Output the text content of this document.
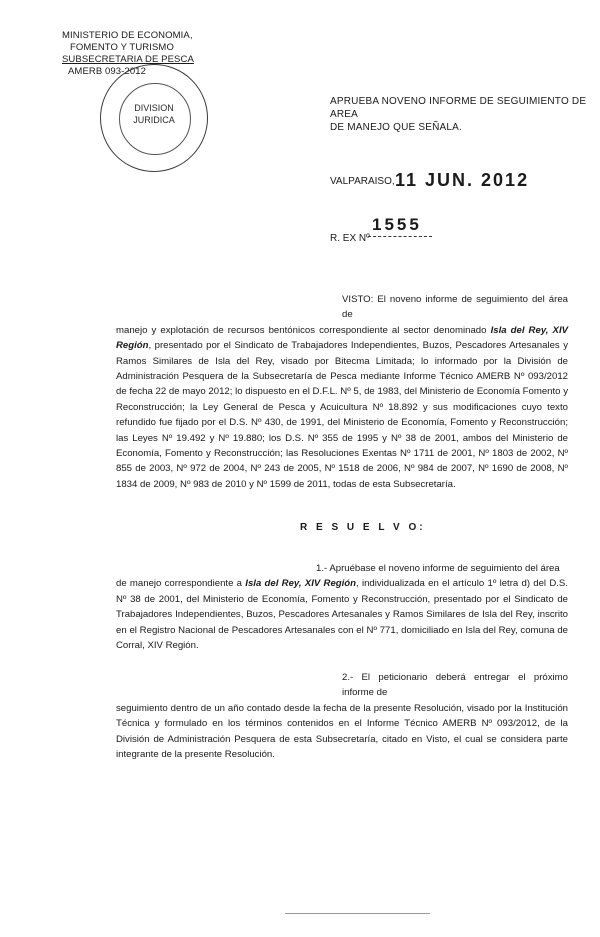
MINISTERIO DE ECONOMIA,
FOMENTO Y TURISMO
SUBSECRETARIA DE PESCA
AMERB 093-2012
DIVISION
JURIDICA
APRUEBA NOVENO INFORME DE SEGUIMIENTO DE AREA
DE MANEJO QUE SEÑALA.
VALPARAISO, 11 JUN. 2012
R. EX Nº
1555
VISTO: El noveno informe de seguimiento del área de
manejo y explotación de recursos bentónicos correspondiente al sector denominado Isla del Rey, XIV Región, presentado por el Sindicato de Trabajadores Independientes, Buzos, Pescadores Artesanales y Ramos Similares de Isla del Rey, visado por Bitecma Limitada; lo informado por la División de Administración Pesquera de la Subsecretaría de Pesca mediante Informe Técnico AMERB Nº 093/2012 de fecha 22 de mayo 2012; lo dispuesto en el D.F.L. Nº 5, de 1983, del Ministerio de Economía Fomento y Reconstrucción; la Ley General de Pesca y Acuicultura Nº 18.892 y sus modificaciones cuyo texto refundido fue fijado por el D.S. Nº 430, de 1991, del Ministerio de Economía, Fomento y Reconstrucción; las Leyes Nº 19.492 y Nº 19.880; los D.S. Nº 355 de 1995 y Nº 38 de 2001, ambos del Ministerio de Economía, Fomento y Reconstrucción; las Resoluciones Exentas Nº 1711 de 2001, Nº 1803 de 2002, Nº 855 de 2003, Nº 972 de 2004, Nº 243 de 2005, Nº 1518 de 2006, Nº 984 de 2007, Nº 1690 de 2008, Nº 1834 de 2009, Nº 983 de 2010 y Nº 1599 de 2011, todas de esta Subsecretaría.
R E S U E L V O:
1.- Apruébase el noveno informe de seguimiento del área
de manejo correspondiente a Isla del Rey, XIV Región, individualizada en el artículo 1º letra d) del D.S. Nº 38 de 2001, del Ministerio de Economía, Fomento y Reconstrucción, presentado por el Sindicato de Trabajadores Independientes, Buzos, Pescadores Artesanales y Ramos Similares de Isla del Rey, inscrito en el Registro Nacional de Pescadores Artesanales con el Nº 771, domiciliado en Isla del Rey, comuna de Corral, XIV Región.
2.- El peticionario deberá entregar el próximo informe de
seguimiento dentro de un año contado desde la fecha de la presente Resolución, visado por la Institución Técnica y formulado en los términos contenidos en el Informe Técnico AMERB Nº 093/2012, de la División de Administración Pesquera de esta Subsecretaría, citado en Visto, el cual se considera parte integrante de la presente Resolución.
